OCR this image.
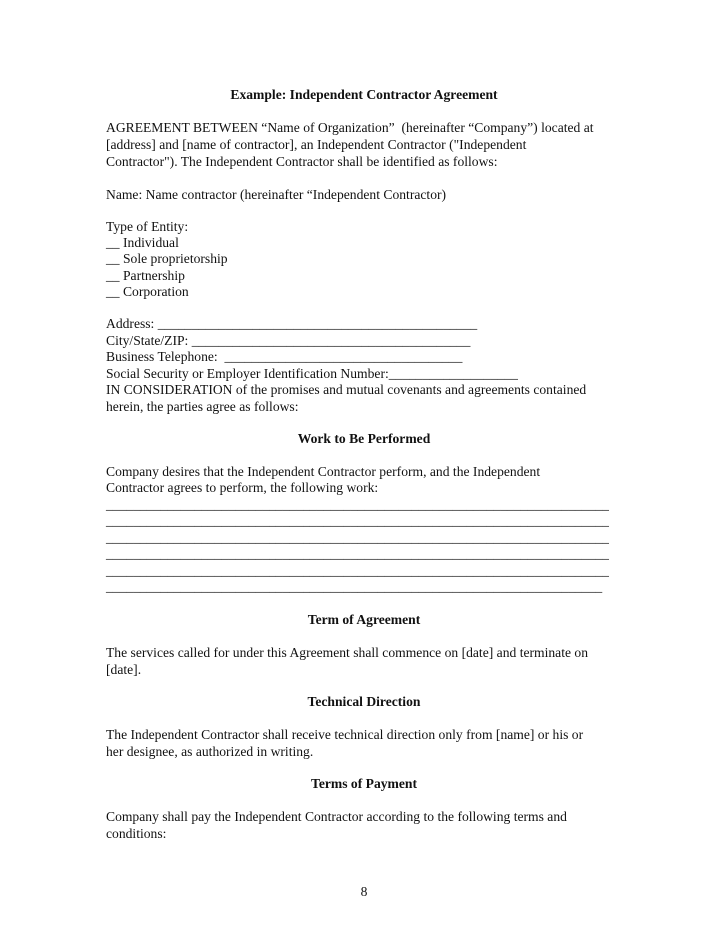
Example: Independent Contractor Agreement

AGREEMENT BETWEEN “Name of Organization”  (hereinafter “Company”) located at

[address] and [name of contractor], an Independent Contractor ("Independent

Contractor"). The Independent Contractor shall be identified as follows:

Name: Name contractor (hereinafter “Independent Contractor)

Type of Entity:

__ Individual

__ Sole proprietorship

__ Partnership

__ Corporation

Address: _______________________________________________

City/State/ZIP: _________________________________________

Business Telephone:  ___________________________________

Social Security or Employer Identification Number:___________________

IN CONSIDERATION of the promises and mutual covenants and agreements contained

herein, the parties agree as follows:

Work to Be Performed

Company desires that the Independent Contractor perform, and the Independent

Contractor agrees to perform, the following work:

__________________________________________________________________________

__________________________________________________________________________

__________________________________________________________________________

__________________________________________________________________________

__________________________________________________________________________

_________________________________________________________________________

Term of Agreement

The services called for under this Agreement shall commence on [date] and terminate on

[date].

Technical Direction

The Independent Contractor shall receive technical direction only from [name] or his or

her designee, as authorized in writing.

Terms of Payment

Company shall pay the Independent Contractor according to the following terms and

conditions:

8
